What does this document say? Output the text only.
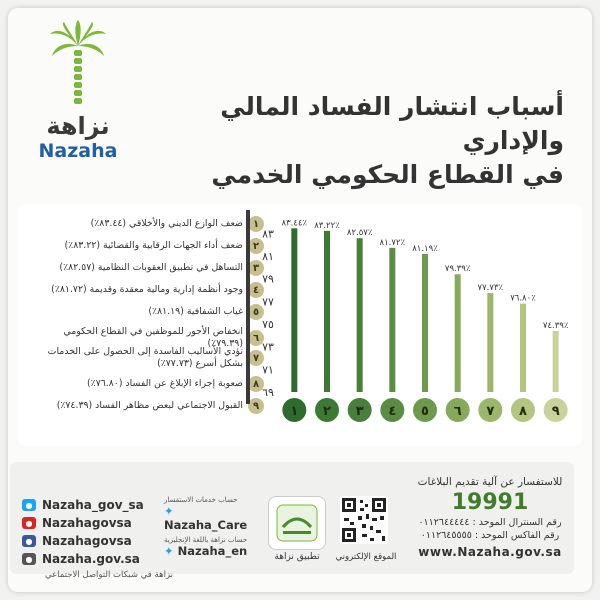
نزاهة
Nazaha
أسباب انتشار الفساد المالي والإداري
في القطاع الحكومي الخدمي
١
ضعف الوازع الديني والأخلاقي (٨٣.٤٤٪)
٢
ضعف أداء الجهات الرقابية والقضائية (٨٣.٢٢٪)
٣
التساهل في تطبيق العقوبات النظامية (٨٢.٥٧٪)
٤
وجود أنظمة إدارية ومالية معقدة وقديمة (٨١.٧٢٪)
٥
غياب الشفافية (٨١.١٩٪)
٦
انخفاض الأجور للموظفين في القطاع الحكومي (٧٩.٣٩٪)
٧
تؤدي الأساليب الفاسدة إلى الحصول على الخدمات بشكل أسرع (٧٧.٧٣٪)
٨
صعوبة إجراء الإبلاغ عن الفساد (٧٦.٨٠٪)
٩
القبول الاجتماعي لبعض مظاهر الفساد (٧٤.٣٩٪)
٦٩
٧١
٧٣
٧٥
٧٧
٧٩
٨١
٨٣
٨٣.٤٤٪
١
٨٣.٢٢٪
٢
٨٢.٥٧٪
٣
٨١.٧٢٪
٤
٨١.١٩٪
٥
٧٩.٣٩٪
٦
٧٧.٧٣٪
٧
٧٦.٨٠٪
٨
٧٤.٣٩٪
٩
● Nazaha_gov_sa
● Nazahagovsa
● Nazahagovsa
● Nazaha.gov.sa
نزاهة في شبكات التواصل الاجتماعي
حساب خدمات الاستفسار
✦ Nazaha_Care
حساب نزاهة باللغة الإنجليزية
✦ Nazaha_en	تطبيق نزاهة	الموقع الإلكتروني
للاستفسار عن آلية تقديم البلاغات
19991
رقم السنترال الموحد : ٠١١٢٦٤٤٤٤٤
رقم الفاكس الموحد : ٠١١٢٦٤٥٥٥٥
www.Nazaha.gov.sa
